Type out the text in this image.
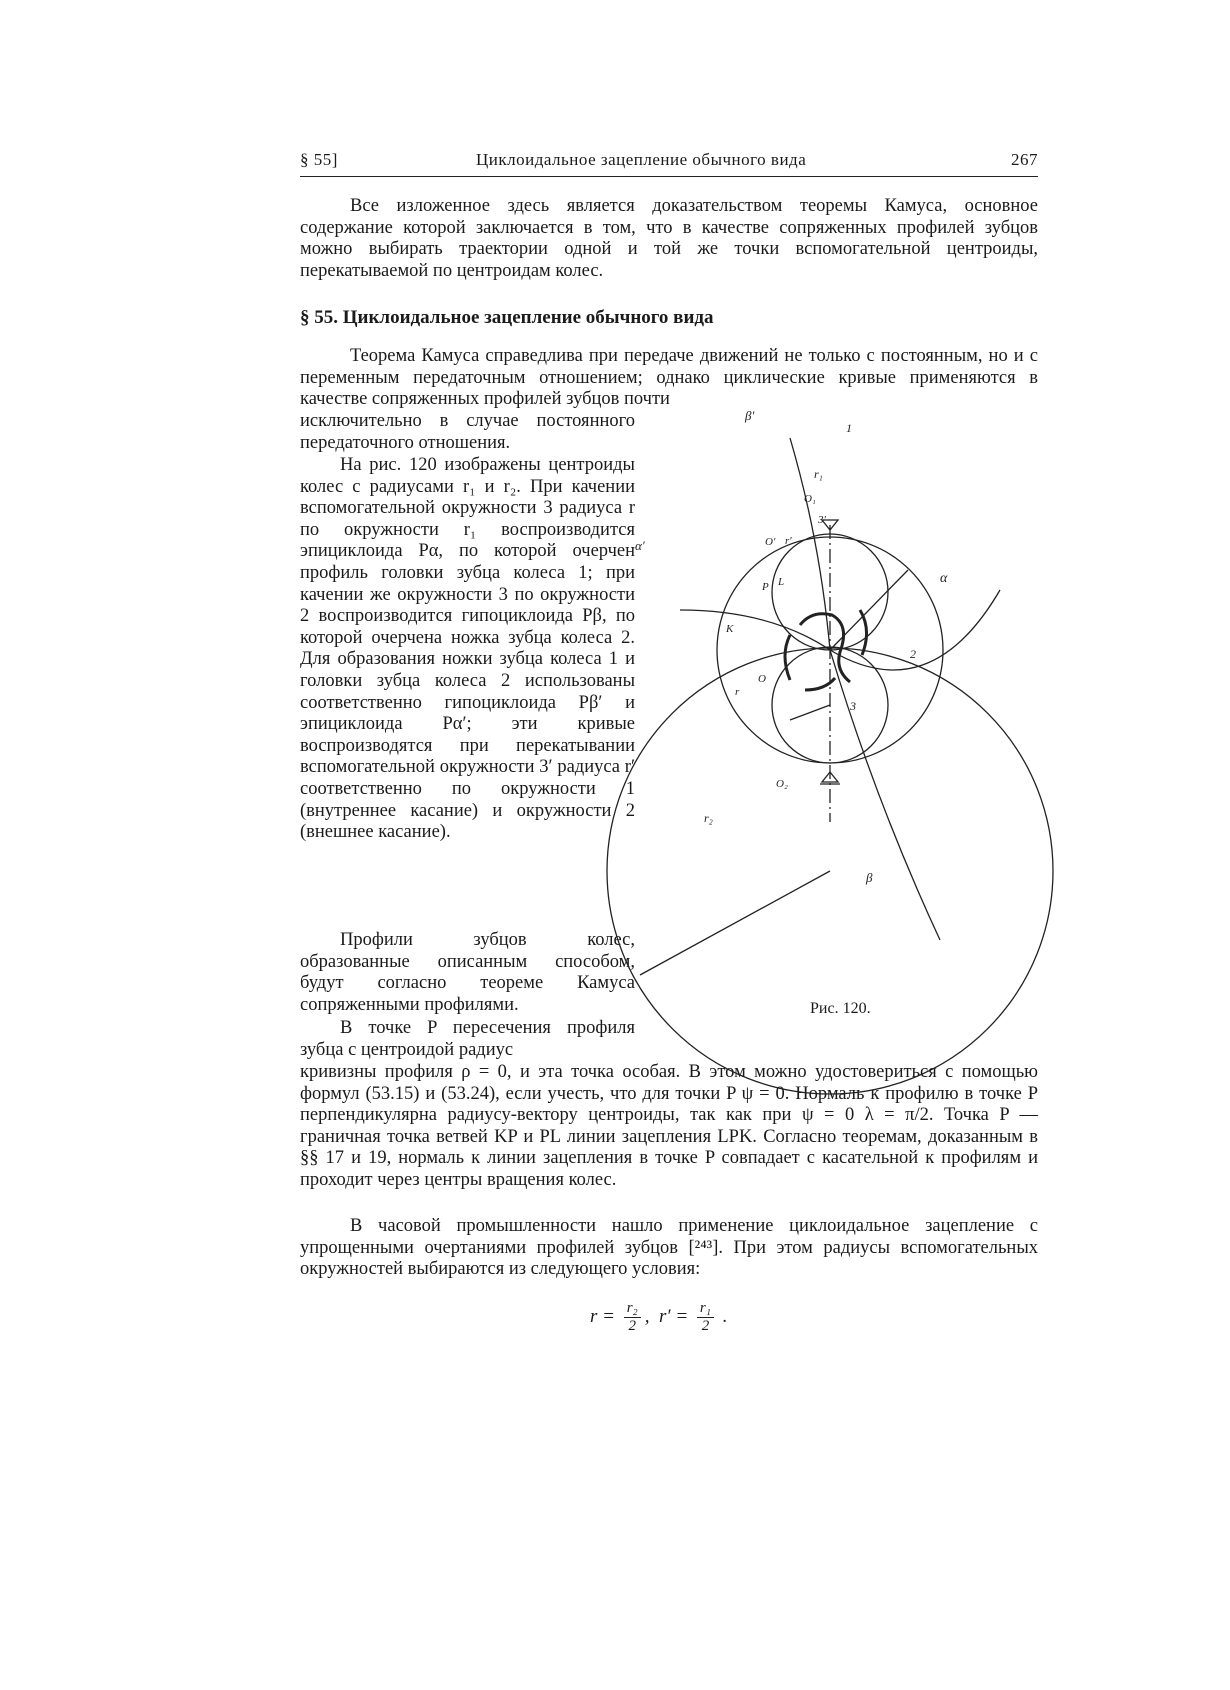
§ 55]	Циклоидальное зацепление обычного вида	267

Все изложенное здесь является доказательством теоремы Камуса, основное содержание которой заключается в том, что в качестве сопряженных профилей зубцов можно выбирать траектории одной и той же точки вспомогательной центроиды, перекатываемой по центроидам колес.

§ 55. Циклоидальное зацепление обычного вида

Теорема Камуса справедлива при передаче движений не только с постоянным, но и с переменным передаточным отношением; однако циклические кривые применяются в качестве сопряженных профилей зубцов почти

исключительно в случае постоянного передаточного отношения.

На рис. 120 изображены центроиды колес с радиусами r₁ и r₂. При качении вспомогательной окружности 3 радиуса r по окружности r₁ воспроизводится эпициклоида Pα, по которой очерчен профиль головки зубца колеса 1; при качении же окружности 3 по окружности 2 воспроизводится гипоциклоида Pβ, по которой очерчена ножка зубца колеса 2. Для образования ножки зубца колеса 1 и головки зубца колеса 2 использованы соответственно гипоциклоида Pβ′ и эпициклоида Pα′; эти кривые воспроизводятся при перекатывании вспомогательной окружности 3′ радиуса r′ соответственно по окружности 1 (внутреннее касание) и окружности 2 (внешнее касание).

Профили зубцов колес, образованные описанным способом, будут согласно теореме Камуса сопряженными профилями.

В точке P пересечения профиля зубца с центроидой радиус

кривизны профиля ρ = 0, и эта точка особая. В этом можно удостовериться с помощью формул (53.15) и (53.24), если учесть, что для точки P ψ = 0. Нормаль к профилю в точке P перпендикулярна радиусу-вектору центроиды, так как при ψ = 0 λ = π/2. Точка P — граничная точка ветвей KP и PL линии зацепления LPK. Согласно теоремам, доказанным в §§ 17 и 19, нормаль к линии зацепления в точке P совпадает с касательной к профилям и проходит через центры вращения колес.

В часовой промышленности нашло применение циклоидальное зацепление с упрощенными очертаниями профилей зубцов [²⁴³]. При этом радиусы вспомогательных окружностей выбираются из следующего условия:

$r = \frac{\text{r₂}}{2}$ , $r' = \frac{\text{r₁}}{2}$ .
β′
1
r₁
O₁
3′
O′ r′
α′
α
P L
K
O
r
2
3
O₂
r₂
β
Рис. 120.
